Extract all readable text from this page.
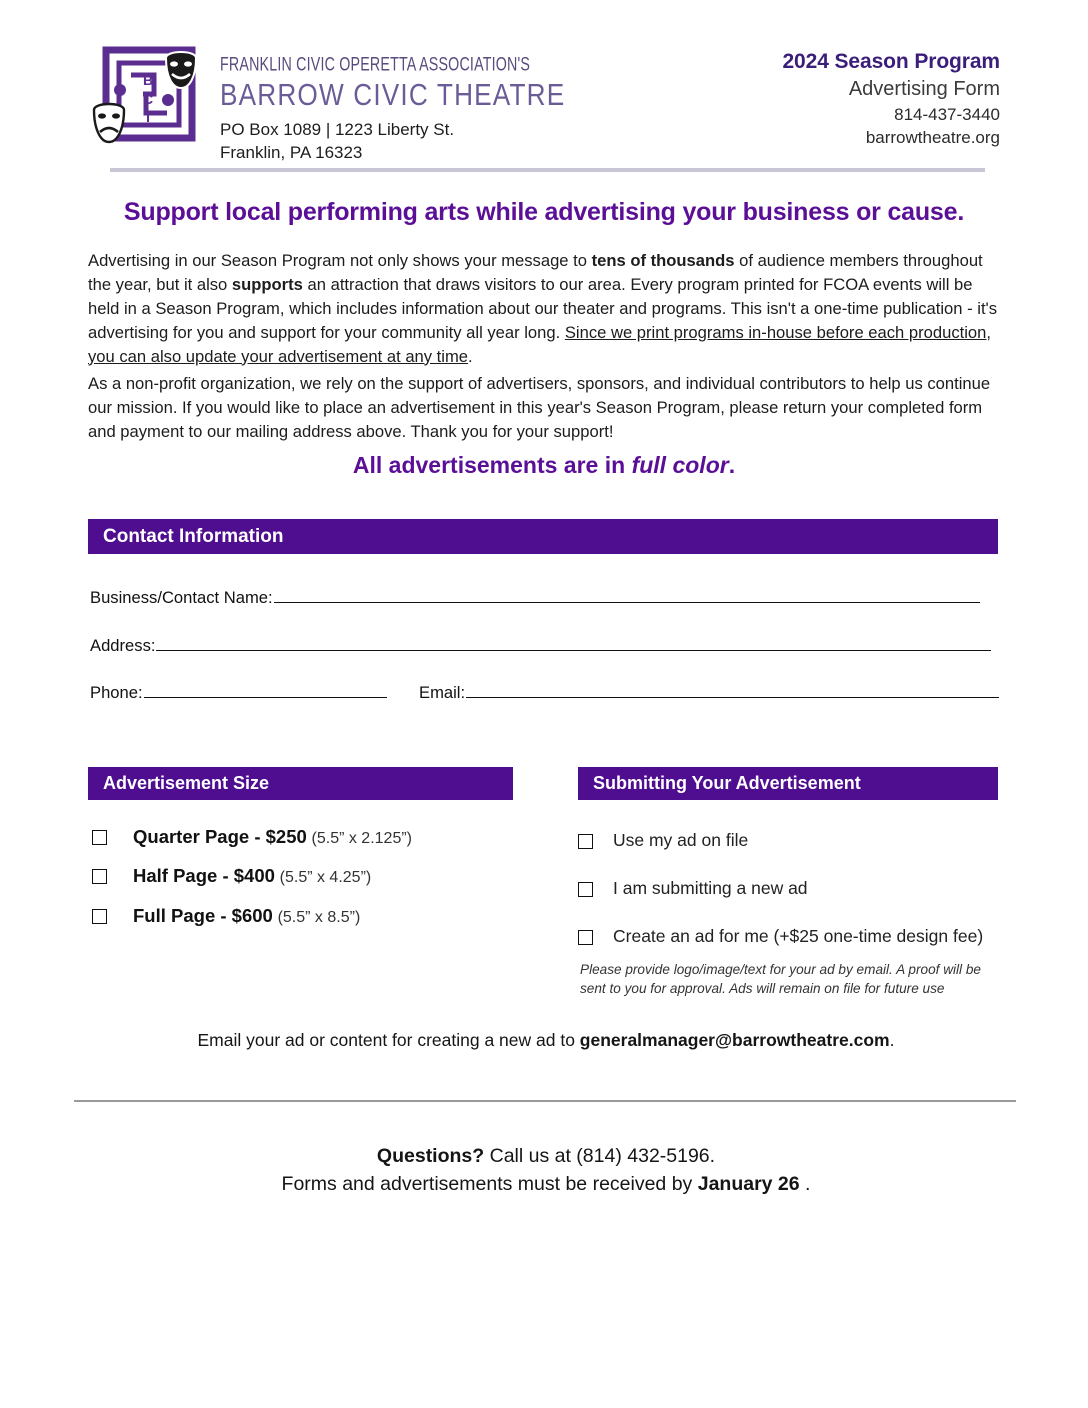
B
C
T
FRANKLIN CIVIC OPERETTA ASSOCIATION'S
BARROW CIVIC THEATRE
PO Box 1089 | 1223 Liberty St.
Franklin, PA 16323
2024 Season Program
Advertising Form
814-437-3440
barrowtheatre.org
Support local performing arts while advertising your business or cause.
Advertising in our Season Program not only shows your message to tens of thousands of audience members throughout the year, but it also supports an attraction that draws visitors to our area. Every program printed for FCOA events will be held in a Season Program, which includes information about our theater and programs. This isn't a one-time publication - it's advertising for you and support for your community all year long. Since we print programs in-house before each production, you can also update your advertisement at any time.
As a non-profit organization, we rely on the support of advertisers, sponsors, and individual contributors to help us continue our mission. If you would like to place an advertisement in this year's Season Program, please return your completed form and payment to our mailing address above. Thank you for your support!
All advertisements are in full color.
Contact Information
Business/Contact Name:
Address:
Phone:	Email:
Advertisement Size
Quarter Page - $250 (5.5” x 2.125”)
Half Page - $400 (5.5” x 4.25”)
Full Page - $600 (5.5” x 8.5”)
Submitting Your Advertisement
Use my ad on file
I am submitting a new ad
Create an ad for me (+$25 one-time design fee)
Please provide logo/image/text for your ad by email. A proof will be sent to you for approval. Ads will remain on file for future use
Email your ad or content for creating a new ad to generalmanager@barrowtheatre.com.
Questions? Call us at (814) 432-5196.
Forms and advertisements must be received by January 26 .
